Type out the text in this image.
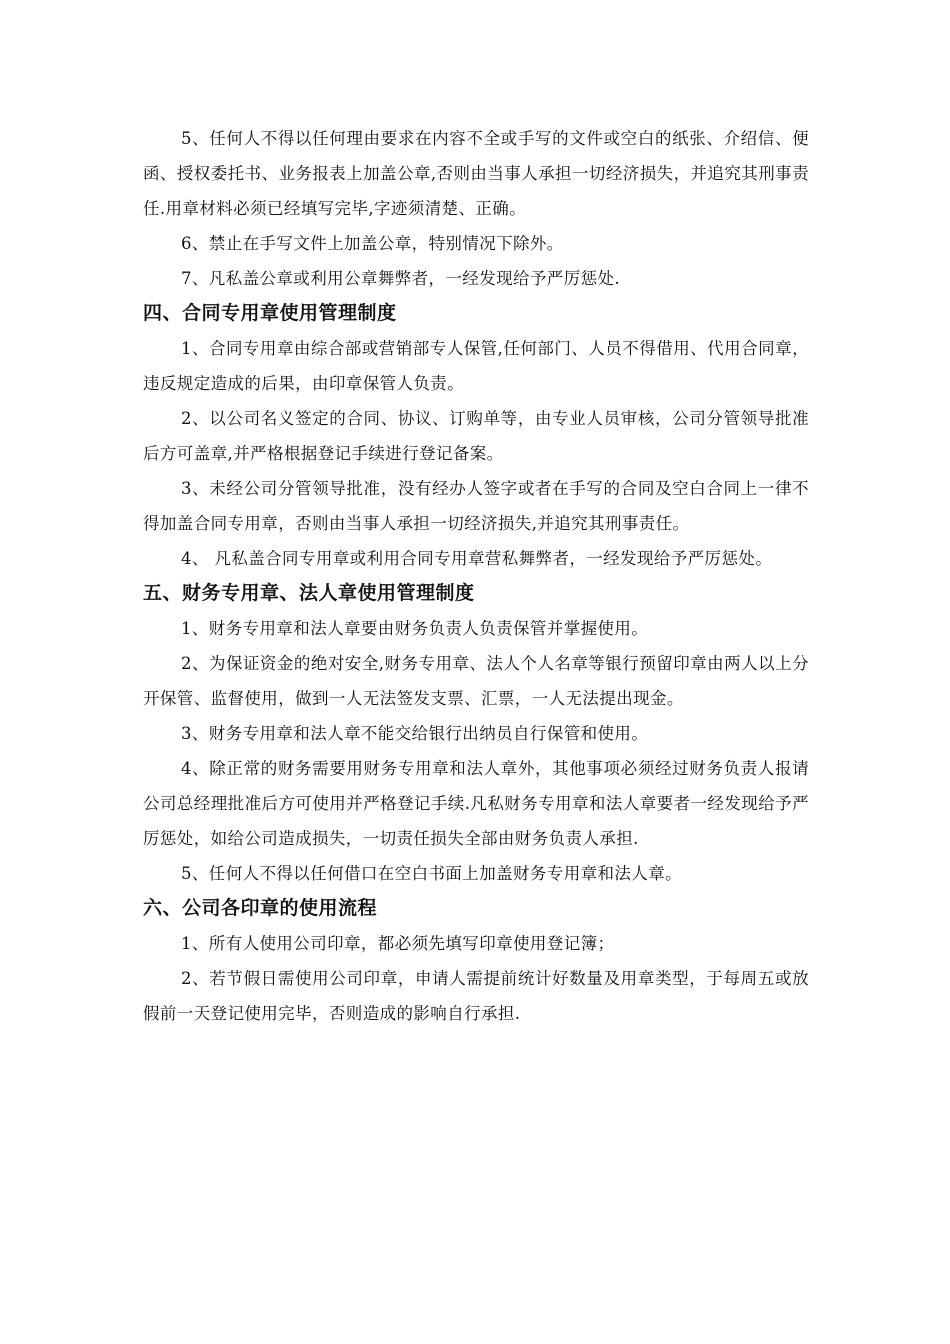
5、任何人不得以任何理由要求在内容不全或手写的文件或空白的纸张、介绍信、便函、授权委托书、业务报表上加盖公章,否则由当事人承担一切经济损失，并追究其刑事责任.用章材料必须已经填写完毕,字迹须清楚、正确。

6、禁止在手写文件上加盖公章，特别情况下除外。

7、凡私盖公章或利用公章舞弊者，一经发现给予严厉惩处.

四、合同专用章使用管理制度

1、合同专用章由综合部或营销部专人保管,任何部门、人员不得借用、代用合同章，违反规定造成的后果，由印章保管人负责。

2、以公司名义签定的合同、协议、订购单等，由专业人员审核，公司分管领导批准后方可盖章,并严格根据登记手续进行登记备案。

3、未经公司分管领导批准，没有经办人签字或者在手写的合同及空白合同上一律不得加盖合同专用章，否则由当事人承担一切经济损失,并追究其刑事责任。

4、 凡私盖合同专用章或利用合同专用章营私舞弊者，一经发现给予严厉惩处。

五、财务专用章、法人章使用管理制度

1、财务专用章和法人章要由财务负责人负责保管并掌握使用。

2、为保证资金的绝对安全,财务专用章、法人个人名章等银行预留印章由两人以上分开保管、监督使用，做到一人无法签发支票、汇票，一人无法提出现金。

3、财务专用章和法人章不能交给银行出纳员自行保管和使用。

4、除正常的财务需要用财务专用章和法人章外，其他事项必须经过财务负责人报请公司总经理批准后方可使用并严格登记手续.凡私财务专用章和法人章要者一经发现给予严厉惩处，如给公司造成损失，一切责任损失全部由财务负责人承担.

5、任何人不得以任何借口在空白书面上加盖财务专用章和法人章。

六、公司各印章的使用流程

1、所有人使用公司印章，都必须先填写印章使用登记簿；

2、若节假日需使用公司印章，申请人需提前统计好数量及用章类型，于每周五或放假前一天登记使用完毕，否则造成的影响自行承担.
